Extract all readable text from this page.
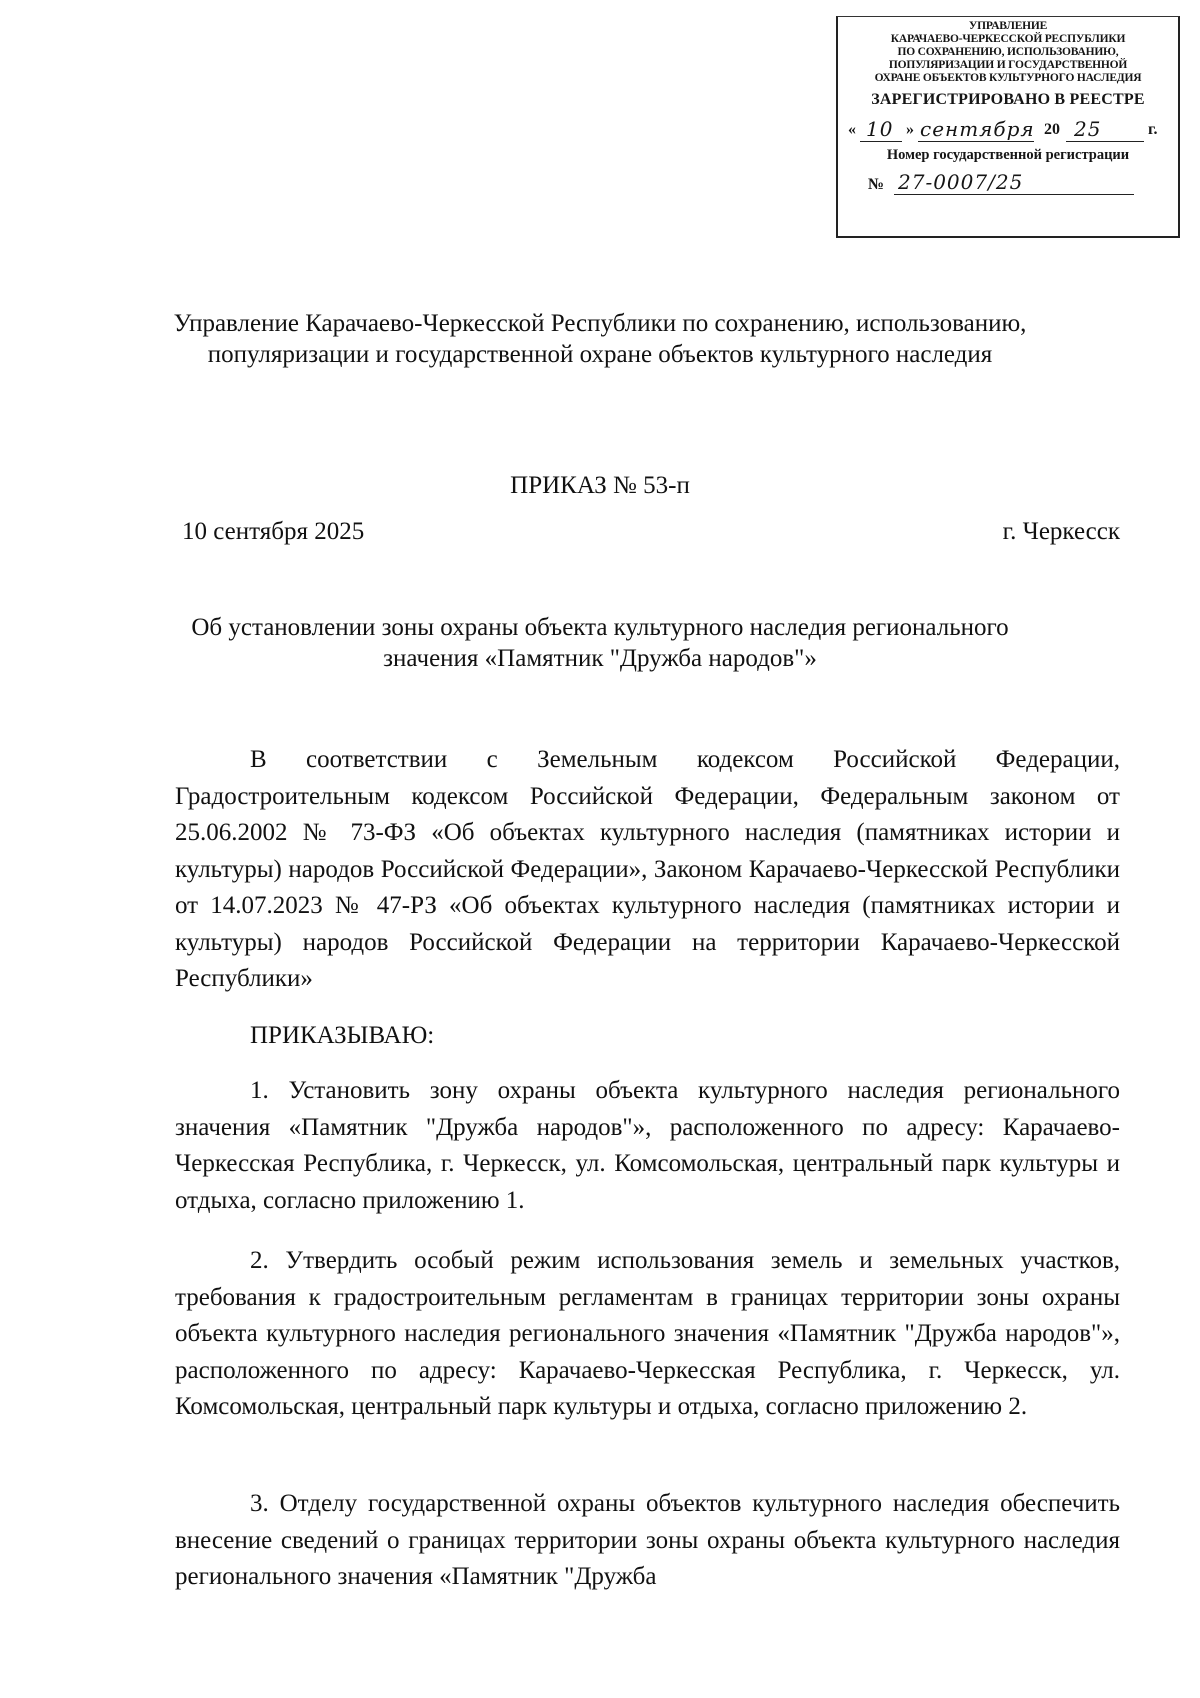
УПРАВЛЕНИЕ
КАРАЧАЕВО-ЧЕРКЕССКОЙ РЕСПУБЛИКИ
ПО СОХРАНЕНИЮ, ИСПОЛЬЗОВАНИЮ,
ПОПУЛЯРИЗАЦИИ И ГОСУДАРСТВЕННОЙ
ОХРАНЕ ОБЪЕКТОВ КУЛЬТУРНОГО НАСЛЕДИЯ
ЗАРЕГИСТРИРОВАНО В РЕЕСТРЕ
« 10 » сентября 20 25	г.
Номер государственной регистрации
№ 27-0007/25
Управление Карачаево-Черкесской Республики по сохранению, использованию, популяризации и государственной охране объектов культурного наследия
ПРИКАЗ № 53-п
10 сентября 2025	г. Черкесск
Об установлении зоны охраны объекта культурного наследия регионального значения «Памятник "Дружба народов"»

В соответствии с Земельным кодексом Российской Федерации, Градостроительным кодексом Российской Федерации, Федеральным законом от 25.06.2002 № 73-ФЗ «Об объектах культурного наследия (памятниках истории и культуры) народов Российской Федерации», Законом Карачаево-Черкесской Республики от 14.07.2023 № 47-РЗ «Об объектах культурного наследия (памятниках истории и культуры) народов Российской Федерации на территории Карачаево-Черкесской Республики»

ПРИКАЗЫВАЮ:

1. Установить зону охраны объекта культурного наследия регионального значения «Памятник "Дружба народов"», расположенного по адресу: Карачаево-Черкесская Республика, г. Черкесск, ул. Комсомольская, центральный парк культуры и отдыха, согласно приложению 1.

2. Утвердить особый режим использования земель и земельных участков, требования к градостроительным регламентам в границах территории зоны охраны объекта культурного наследия регионального значения «Памятник "Дружба народов"», расположенного по адресу: Карачаево-Черкесская Республика, г. Черкесск, ул. Комсомольская, центральный парк культуры и отдыха, согласно приложению 2.

3. Отделу государственной охраны объектов культурного наследия обеспечить внесение сведений о границах территории зоны охраны объекта культурного наследия регионального значения «Памятник "Дружба
